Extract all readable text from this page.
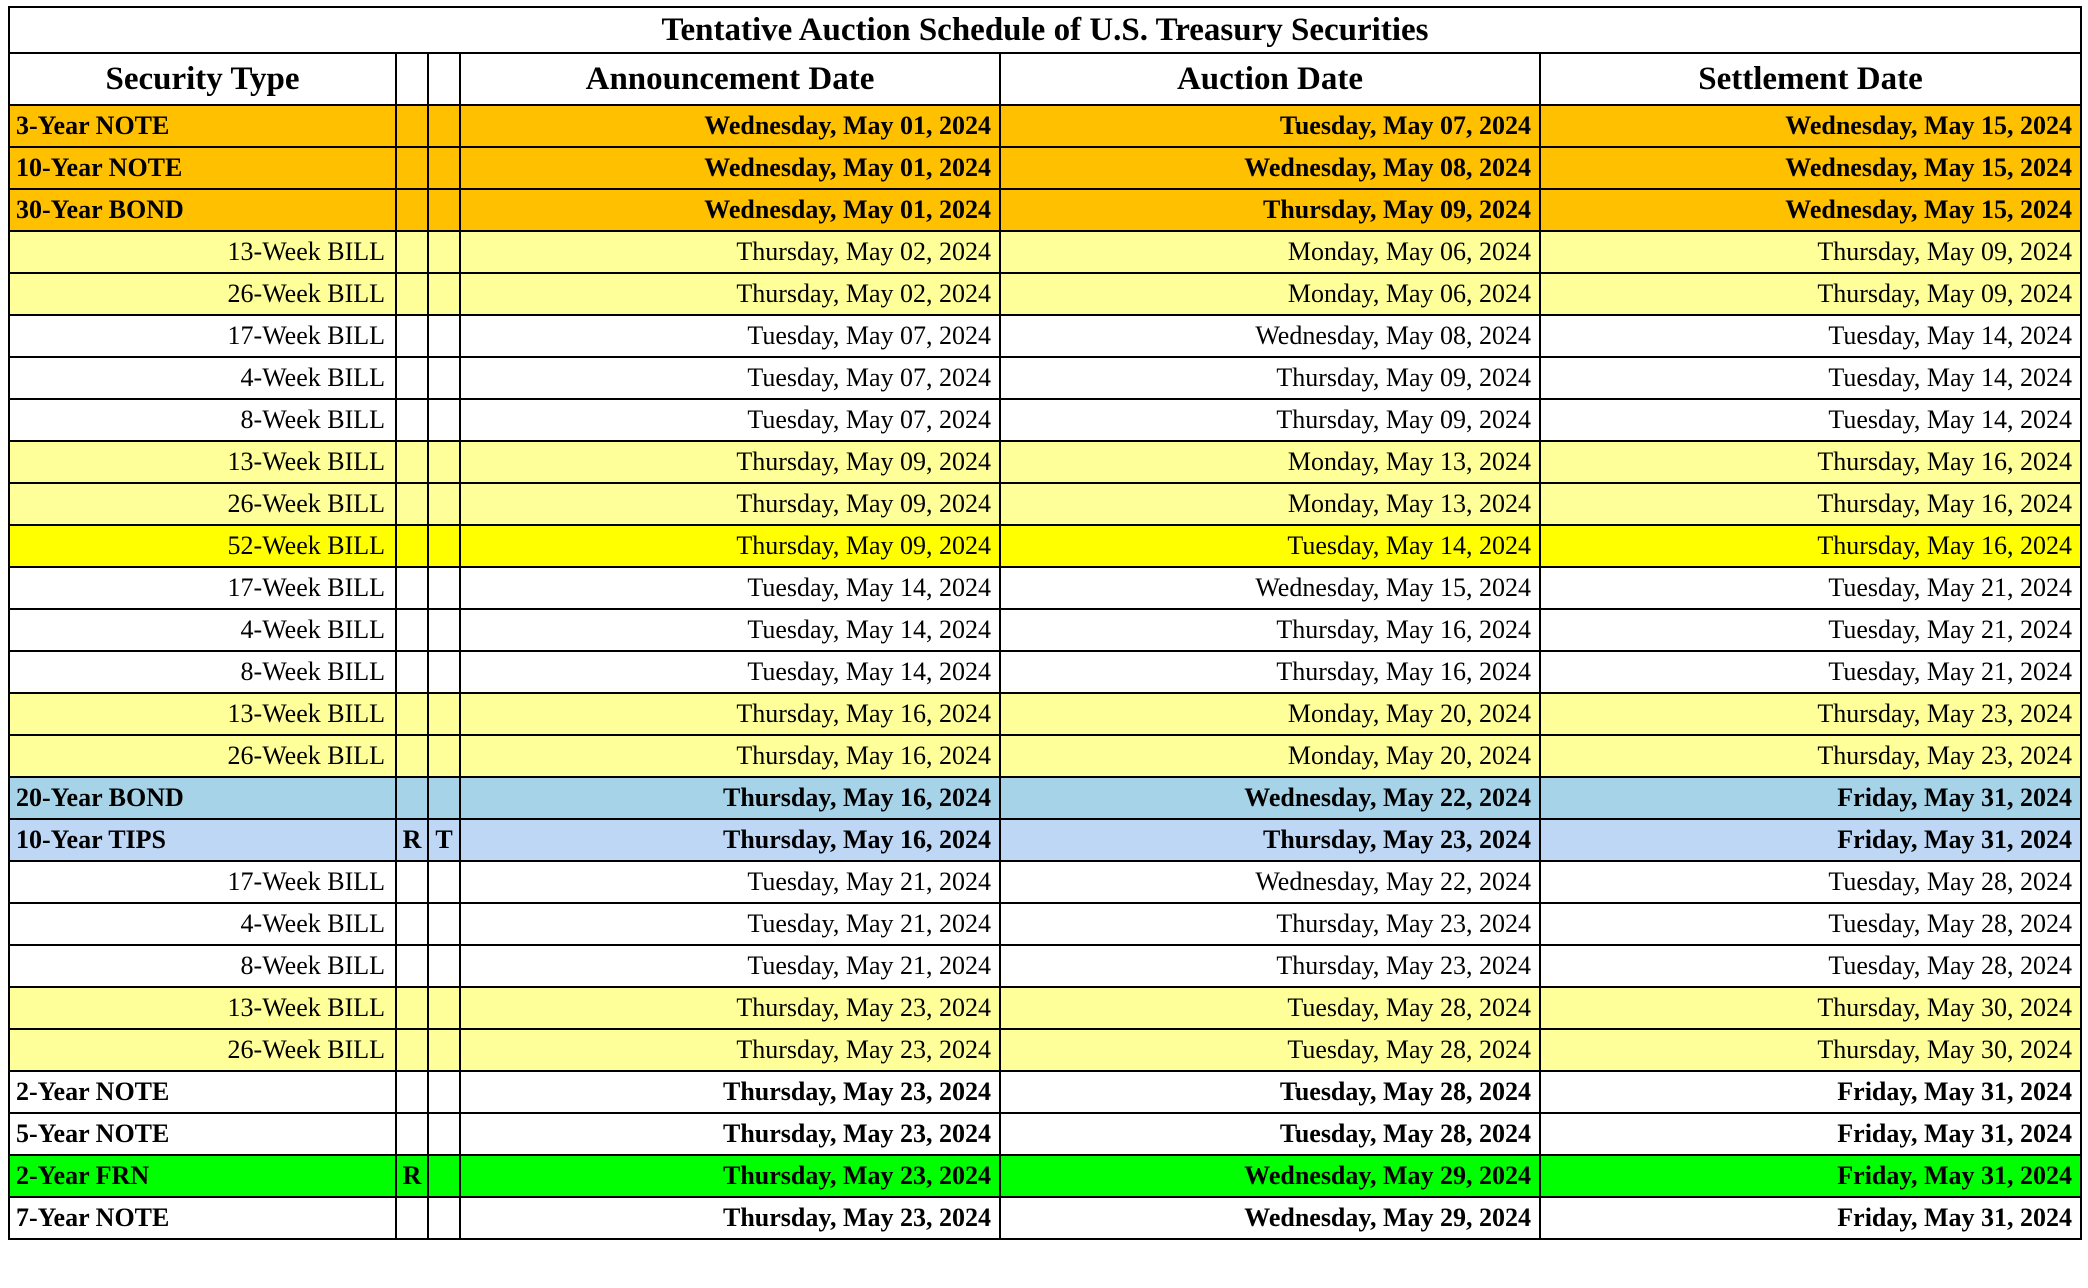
Tentative Auction Schedule of U.S. Treasury Securities					
Security Type			Announcement Date	Auction Date	Settlement Date
3-Year NOTE			Wednesday, May 01, 2024	Tuesday, May 07, 2024	Wednesday, May 15, 2024
10-Year NOTE			Wednesday, May 01, 2024	Wednesday, May 08, 2024	Wednesday, May 15, 2024
30-Year BOND			Wednesday, May 01, 2024	Thursday, May 09, 2024	Wednesday, May 15, 2024
13-Week BILL			Thursday, May 02, 2024	Monday, May 06, 2024	Thursday, May 09, 2024
26-Week BILL			Thursday, May 02, 2024	Monday, May 06, 2024	Thursday, May 09, 2024
17-Week BILL			Tuesday, May 07, 2024	Wednesday, May 08, 2024	Tuesday, May 14, 2024
4-Week BILL			Tuesday, May 07, 2024	Thursday, May 09, 2024	Tuesday, May 14, 2024
8-Week BILL			Tuesday, May 07, 2024	Thursday, May 09, 2024	Tuesday, May 14, 2024
13-Week BILL			Thursday, May 09, 2024	Monday, May 13, 2024	Thursday, May 16, 2024
26-Week BILL			Thursday, May 09, 2024	Monday, May 13, 2024	Thursday, May 16, 2024
52-Week BILL			Thursday, May 09, 2024	Tuesday, May 14, 2024	Thursday, May 16, 2024
17-Week BILL			Tuesday, May 14, 2024	Wednesday, May 15, 2024	Tuesday, May 21, 2024
4-Week BILL			Tuesday, May 14, 2024	Thursday, May 16, 2024	Tuesday, May 21, 2024
8-Week BILL			Tuesday, May 14, 2024	Thursday, May 16, 2024	Tuesday, May 21, 2024
13-Week BILL			Thursday, May 16, 2024	Monday, May 20, 2024	Thursday, May 23, 2024
26-Week BILL			Thursday, May 16, 2024	Monday, May 20, 2024	Thursday, May 23, 2024
20-Year BOND			Thursday, May 16, 2024	Wednesday, May 22, 2024	Friday, May 31, 2024
10-Year TIPS	R	T	Thursday, May 16, 2024	Thursday, May 23, 2024	Friday, May 31, 2024
17-Week BILL			Tuesday, May 21, 2024	Wednesday, May 22, 2024	Tuesday, May 28, 2024
4-Week BILL			Tuesday, May 21, 2024	Thursday, May 23, 2024	Tuesday, May 28, 2024
8-Week BILL			Tuesday, May 21, 2024	Thursday, May 23, 2024	Tuesday, May 28, 2024
13-Week BILL			Thursday, May 23, 2024	Tuesday, May 28, 2024	Thursday, May 30, 2024
26-Week BILL			Thursday, May 23, 2024	Tuesday, May 28, 2024	Thursday, May 30, 2024
2-Year NOTE			Thursday, May 23, 2024	Tuesday, May 28, 2024	Friday, May 31, 2024
5-Year NOTE			Thursday, May 23, 2024	Tuesday, May 28, 2024	Friday, May 31, 2024
2-Year FRN	R		Thursday, May 23, 2024	Wednesday, May 29, 2024	Friday, May 31, 2024
7-Year NOTE			Thursday, May 23, 2024	Wednesday, May 29, 2024	Friday, May 31, 2024
